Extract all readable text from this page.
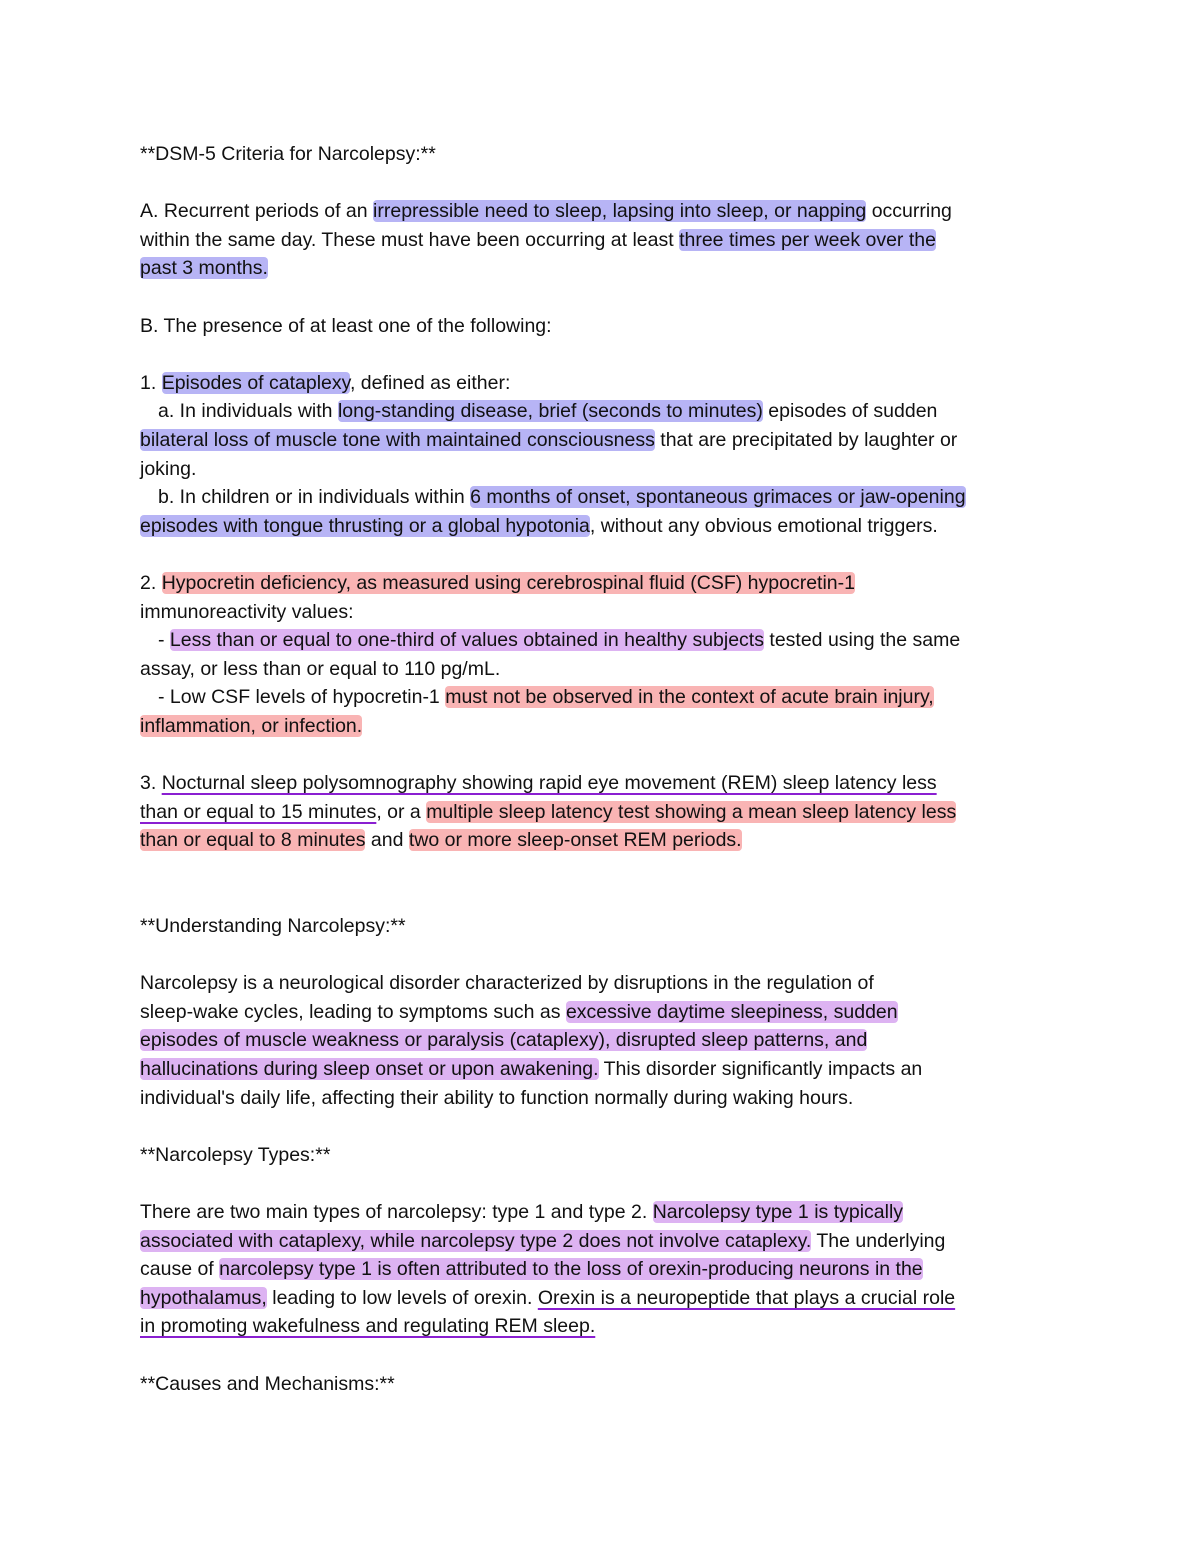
**DSM-5 Criteria for Narcolepsy:**
A. Recurrent periods of an irrepressible need to sleep, lapsing into sleep, or napping occurring
within the same day. These must have been occurring at least three times per week over the
past 3 months.
B. The presence of at least one of the following:
1. Episodes of cataplexy, defined as either:
a. In individuals with long-standing disease, brief (seconds to minutes) episodes of sudden
bilateral loss of muscle tone with maintained consciousness that are precipitated by laughter or
joking.
b. In children or in individuals within 6 months of onset, spontaneous grimaces or jaw-opening
episodes with tongue thrusting or a global hypotonia, without any obvious emotional triggers.
2. Hypocretin deficiency, as measured using cerebrospinal fluid (CSF) hypocretin-1
immunoreactivity values:
- Less than or equal to one-third of values obtained in healthy subjects tested using the same
assay, or less than or equal to 110 pg/mL.
- Low CSF levels of hypocretin-1 must not be observed in the context of acute brain injury,
inflammation, or infection.
3. Nocturnal sleep polysomnography showing rapid eye movement (REM) sleep latency less
than or equal to 15 minutes, or a multiple sleep latency test showing a mean sleep latency less
than or equal to 8 minutes and two or more sleep-onset REM periods.
**Understanding Narcolepsy:**
Narcolepsy is a neurological disorder characterized by disruptions in the regulation of
sleep-wake cycles, leading to symptoms such as excessive daytime sleepiness, sudden
episodes of muscle weakness or paralysis (cataplexy), disrupted sleep patterns, and
hallucinations during sleep onset or upon awakening. This disorder significantly impacts an
individual's daily life, affecting their ability to function normally during waking hours.
**Narcolepsy Types:**
There are two main types of narcolepsy: type 1 and type 2. Narcolepsy type 1 is typically
associated with cataplexy, while narcolepsy type 2 does not involve cataplexy. The underlying
cause of narcolepsy type 1 is often attributed to the loss of orexin-producing neurons in the
hypothalamus, leading to low levels of orexin. Orexin is a neuropeptide that plays a crucial role
in promoting wakefulness and regulating REM sleep.
**Causes and Mechanisms:**
